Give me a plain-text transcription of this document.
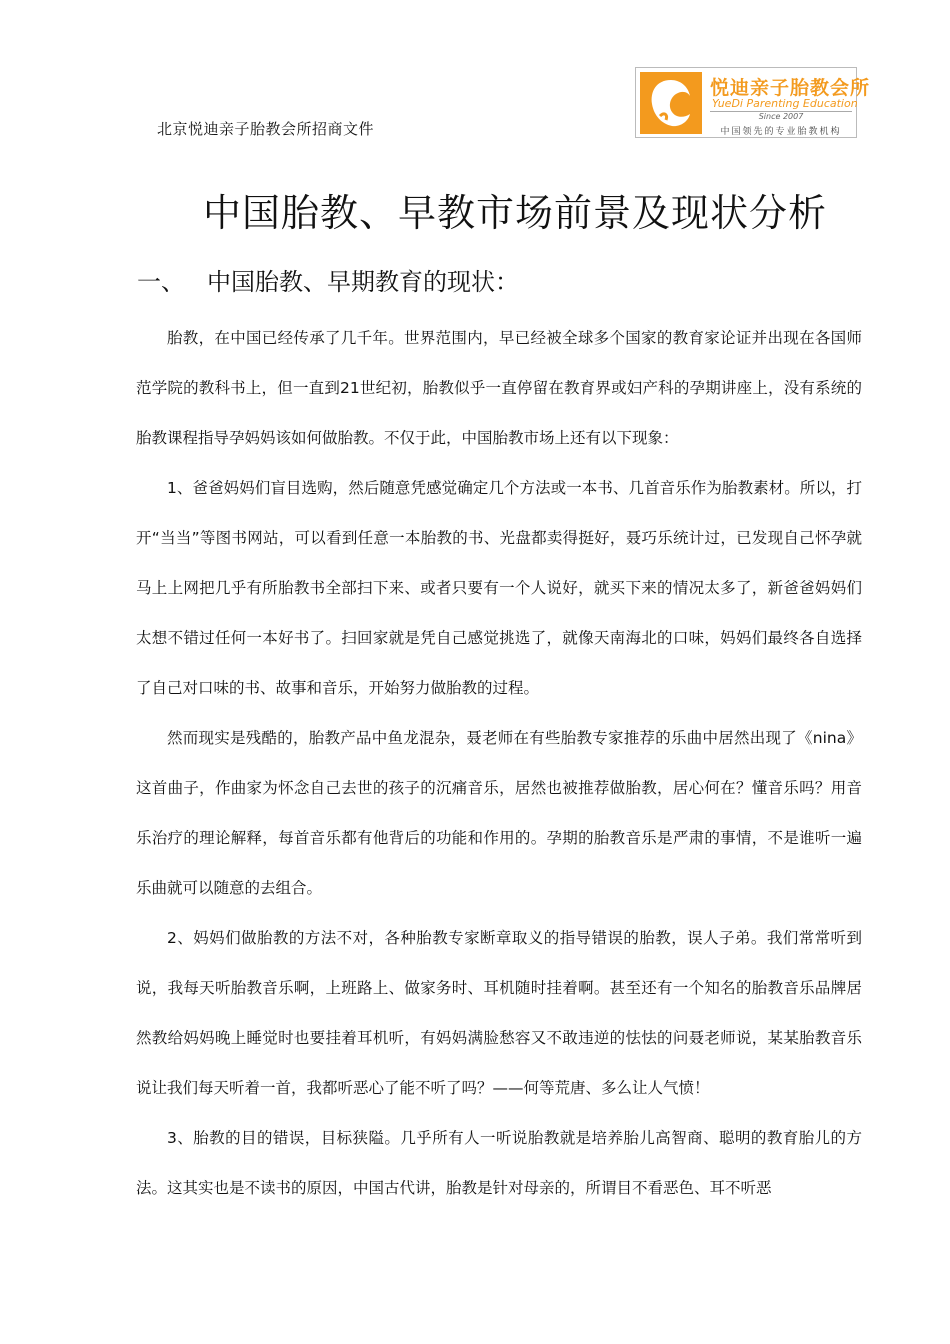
北京悦迪亲子胎教会所招商文件
悦迪亲子胎教会所
YueDi Parenting Education
Since 2007
中国领先的专业胎教机构
中国胎教、早教市场前景及现状分析
一、 中国胎教、早期教育的现状：

胎教，在中国已经传承了几千年。世界范围内，早已经被全球多个国家的教育家论证并出现在各国师范学院的教科书上，但一直到21世纪初，胎教似乎一直停留在教育界或妇产科的孕期讲座上，没有系统的胎教课程指导孕妈妈该如何做胎教。不仅于此，中国胎教市场上还有以下现象：

1、爸爸妈妈们盲目选购，然后随意凭感觉确定几个方法或一本书、几首音乐作为胎教素材。所以，打开“当当”等图书网站，可以看到任意一本胎教的书、光盘都卖得挺好，聂巧乐统计过，已发现自己怀孕就马上上网把几乎有所胎教书全部扫下来、或者只要有一个人说好，就买下来的情况太多了，新爸爸妈妈们太想不错过任何一本好书了。扫回家就是凭自己感觉挑选了，就像天南海北的口味，妈妈们最终各自选择了自己对口味的书、故事和音乐，开始努力做胎教的过程。

然而现实是残酷的，胎教产品中鱼龙混杂，聂老师在有些胎教专家推荐的乐曲中居然出现了《nina》这首曲子，作曲家为怀念自己去世的孩子的沉痛音乐，居然也被推荐做胎教，居心何在？懂音乐吗？用音乐治疗的理论解释，每首音乐都有他背后的功能和作用的。孕期的胎教音乐是严肃的事情，不是谁听一遍乐曲就可以随意的去组合。

2、妈妈们做胎教的方法不对，各种胎教专家断章取义的指导错误的胎教，误人子弟。我们常常听到说，我每天听胎教音乐啊，上班路上、做家务时、耳机随时挂着啊。甚至还有一个知名的胎教音乐品牌居然教给妈妈晚上睡觉时也要挂着耳机听，有妈妈满脸愁容又不敢违逆的怯怯的问聂老师说，某某胎教音乐说让我们每天听着一首，我都听恶心了能不听了吗？——何等荒唐、多么让人气愤！

3、胎教的目的错误，目标狭隘。几乎所有人一听说胎教就是培养胎儿高智商、聪明的教育胎儿的方法。这其实也是不读书的原因，中国古代讲，胎教是针对母亲的，所谓目不看恶色、耳不听恶
